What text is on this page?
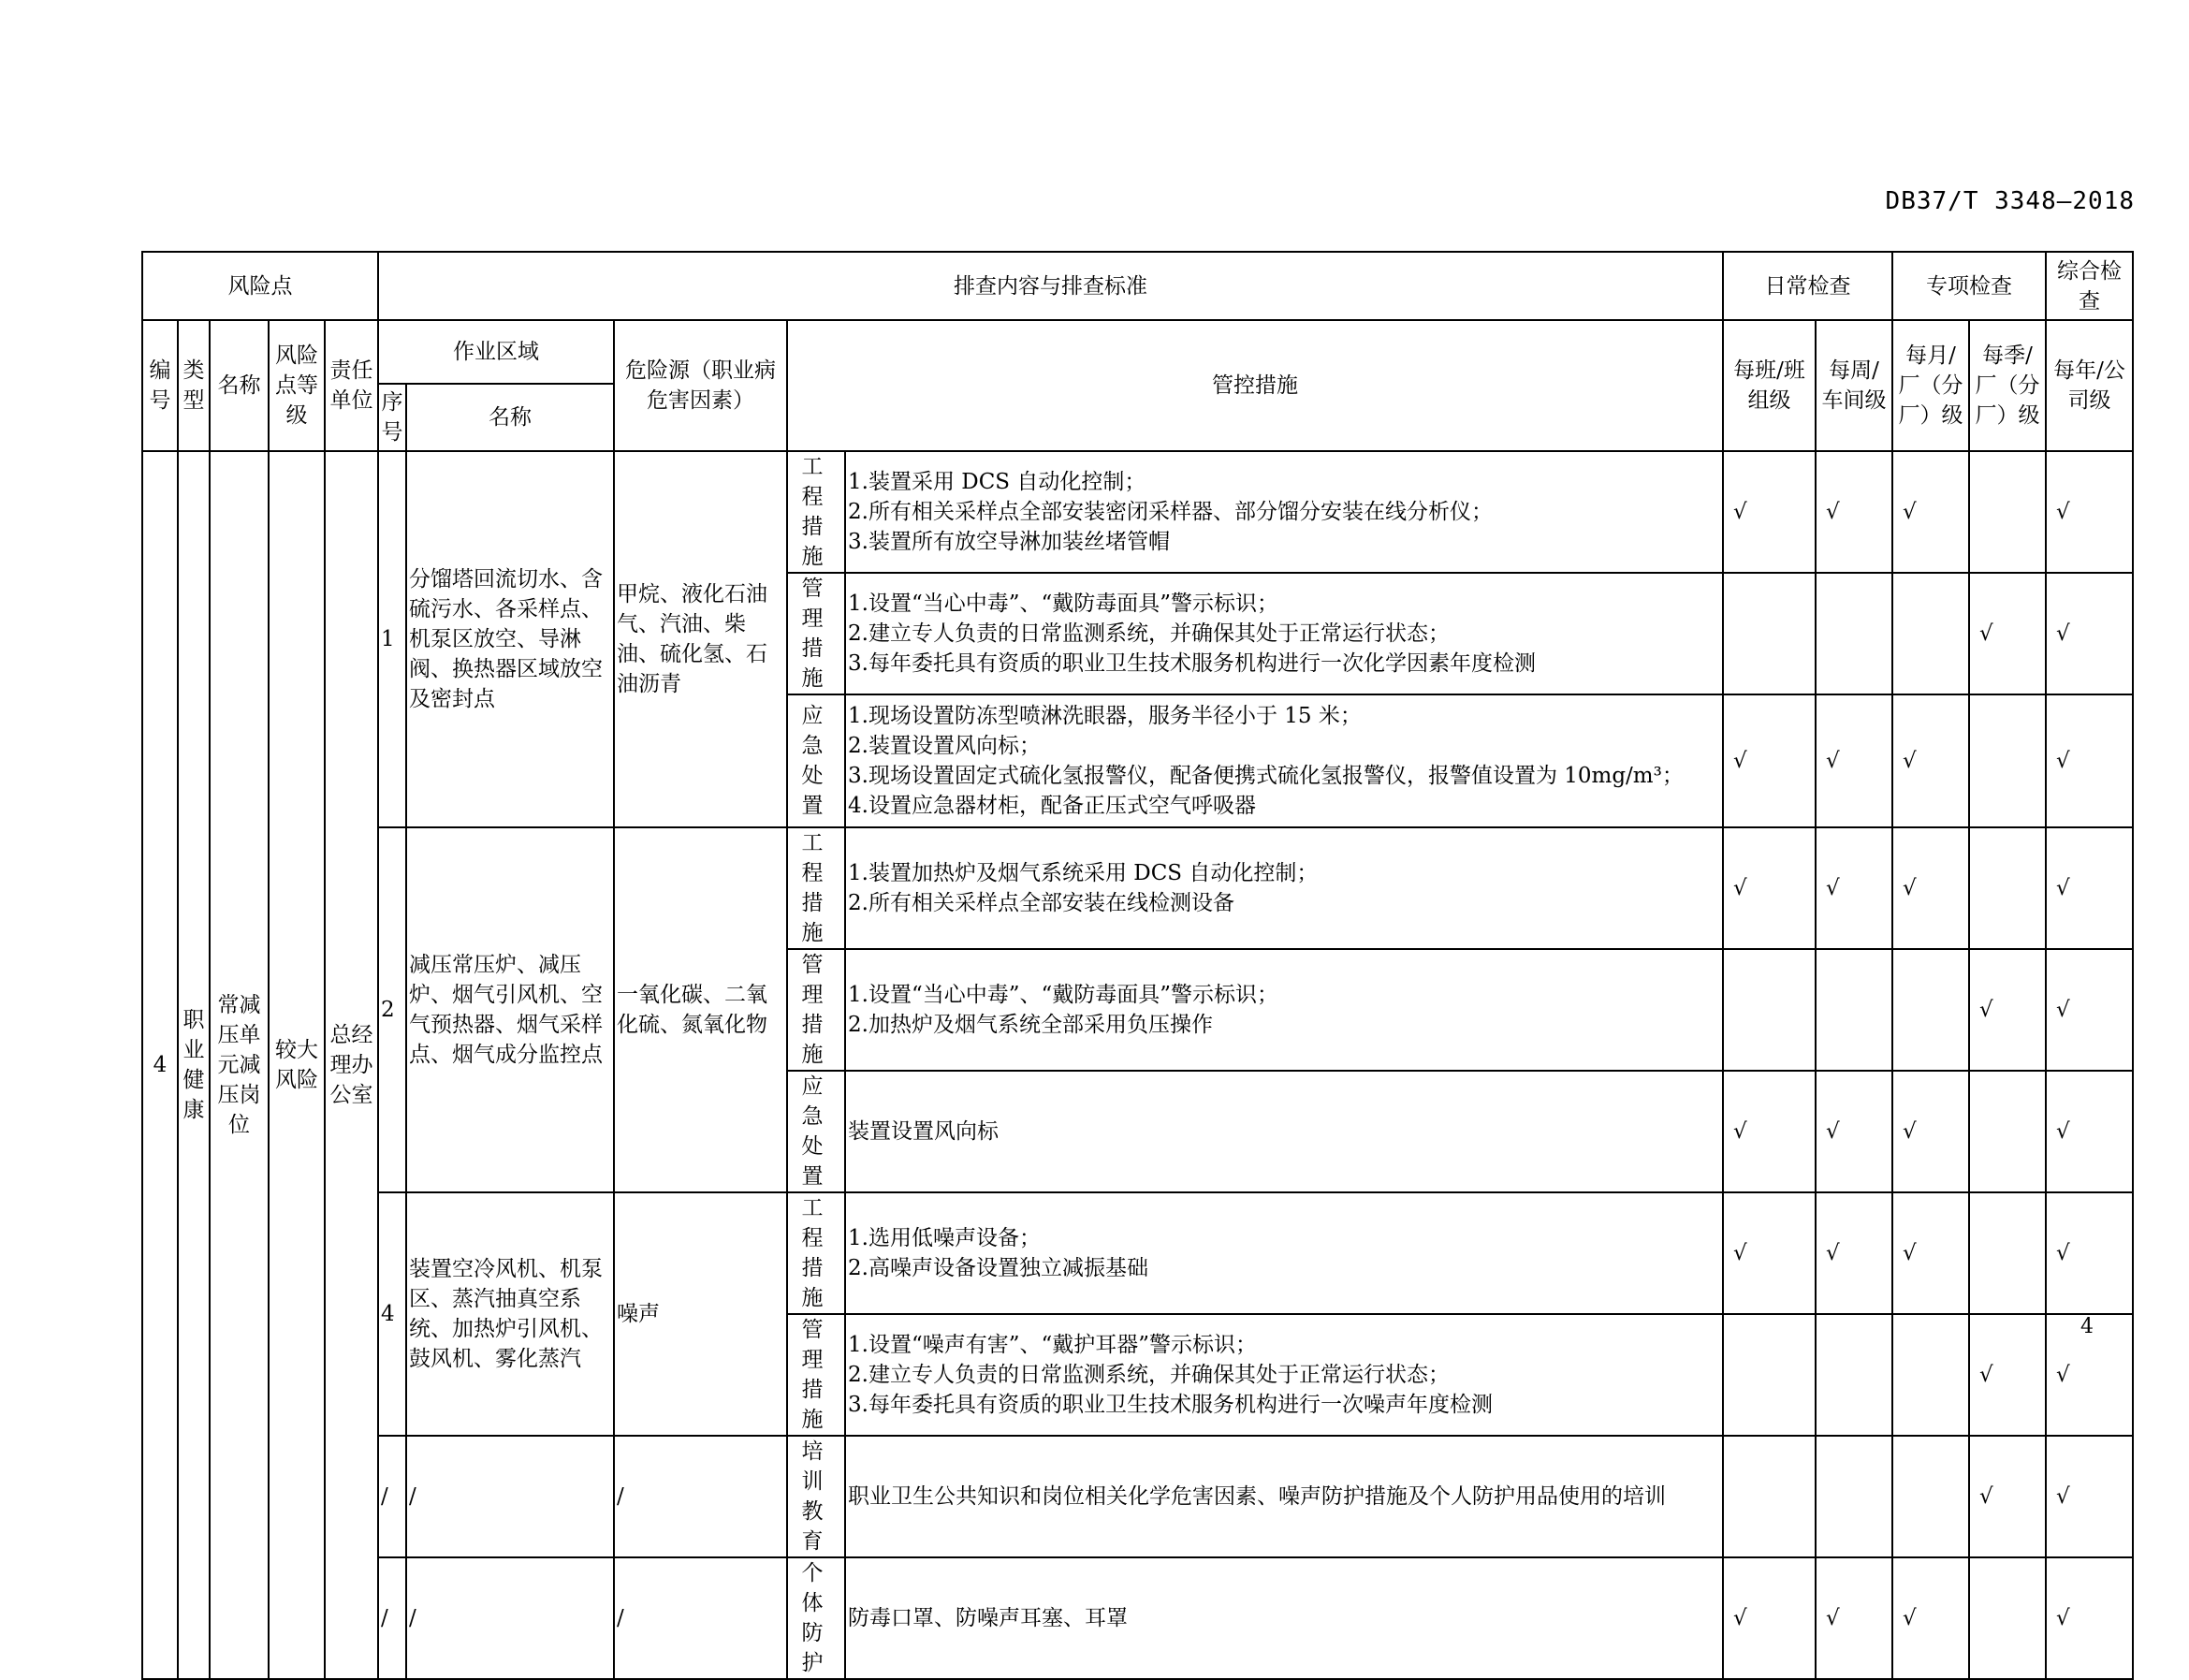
DB37/T 3348—2018
风险点					排查内容与排查标准					日常检查		专项检查		综合检查
编号	类型	名称	风险点等级	责任单位	作业区域		危险源（职业病危害因素）	管控措施		每班/班组级	每周/车间级	每月/厂（分厂）级	每季/厂（分厂）级	每年/公司级
					序号	名称								
4	职业健康	常减压单元减压岗位	较大风险	总经理办公室	1	分馏塔回流切水、含硫污水、各采样点、机泵区放空、导淋阀、换热器区域放空及密封点	甲烷、液化石油气、汽油、柴油、硫化氢、石油沥青	工程措施	1.装置采用 DCS 自动化控制；
2.所有相关采样点全部安装密闭采样器、部分馏分安装在线分析仪；
3.装置所有放空导淋加装丝堵管帽	√	√	√		√
								管理措施	1.设置“当心中毒”、“戴防毒面具”警示标识；
2.建立专人负责的日常监测系统，并确保其处于正常运行状态；
3.每年委托具有资质的职业卫生技术服务机构进行一次化学因素年度检测				√	√
								应急处置	1.现场设置防冻型喷淋洗眼器，服务半径小于 15 米；
2.装置设置风向标；
3.现场设置固定式硫化氢报警仪，配备便携式硫化氢报警仪，报警值设置为 10mg/m³；
4.设置应急器材柜，配备正压式空气呼吸器	√	√	√		√
					2	减压常压炉、减压炉、烟气引风机、空气预热器、烟气采样点、烟气成分监控点	一氧化碳、二氧化硫、氮氧化物	工程措施	1.装置加热炉及烟气系统采用 DCS 自动化控制；
2.所有相关采样点全部安装在线检测设备	√	√	√		√
								管理措施	1.设置“当心中毒”、“戴防毒面具”警示标识；
2.加热炉及烟气系统全部采用负压操作				√	√
								应急处置	装置设置风向标	√	√	√		√
					4	装置空冷风机、机泵区、蒸汽抽真空系统、加热炉引风机、鼓风机、雾化蒸汽	噪声	工程措施	1.选用低噪声设备；
2.高噪声设备设置独立减振基础	√	√	√		√
								管理措施	1.设置“噪声有害”、“戴护耳器”警示标识；
2.建立专人负责的日常监测系统，并确保其处于正常运行状态；
3.每年委托具有资质的职业卫生技术服务机构进行一次噪声年度检测				√	√
					/	/	/	培训教育	职业卫生公共知识和岗位相关化学危害因素、噪声防护措施及个人防护用品使用的培训				√	√
					/	/	/	个体防护	防毒口罩、防噪声耳塞、耳罩	√	√	√		√
4
